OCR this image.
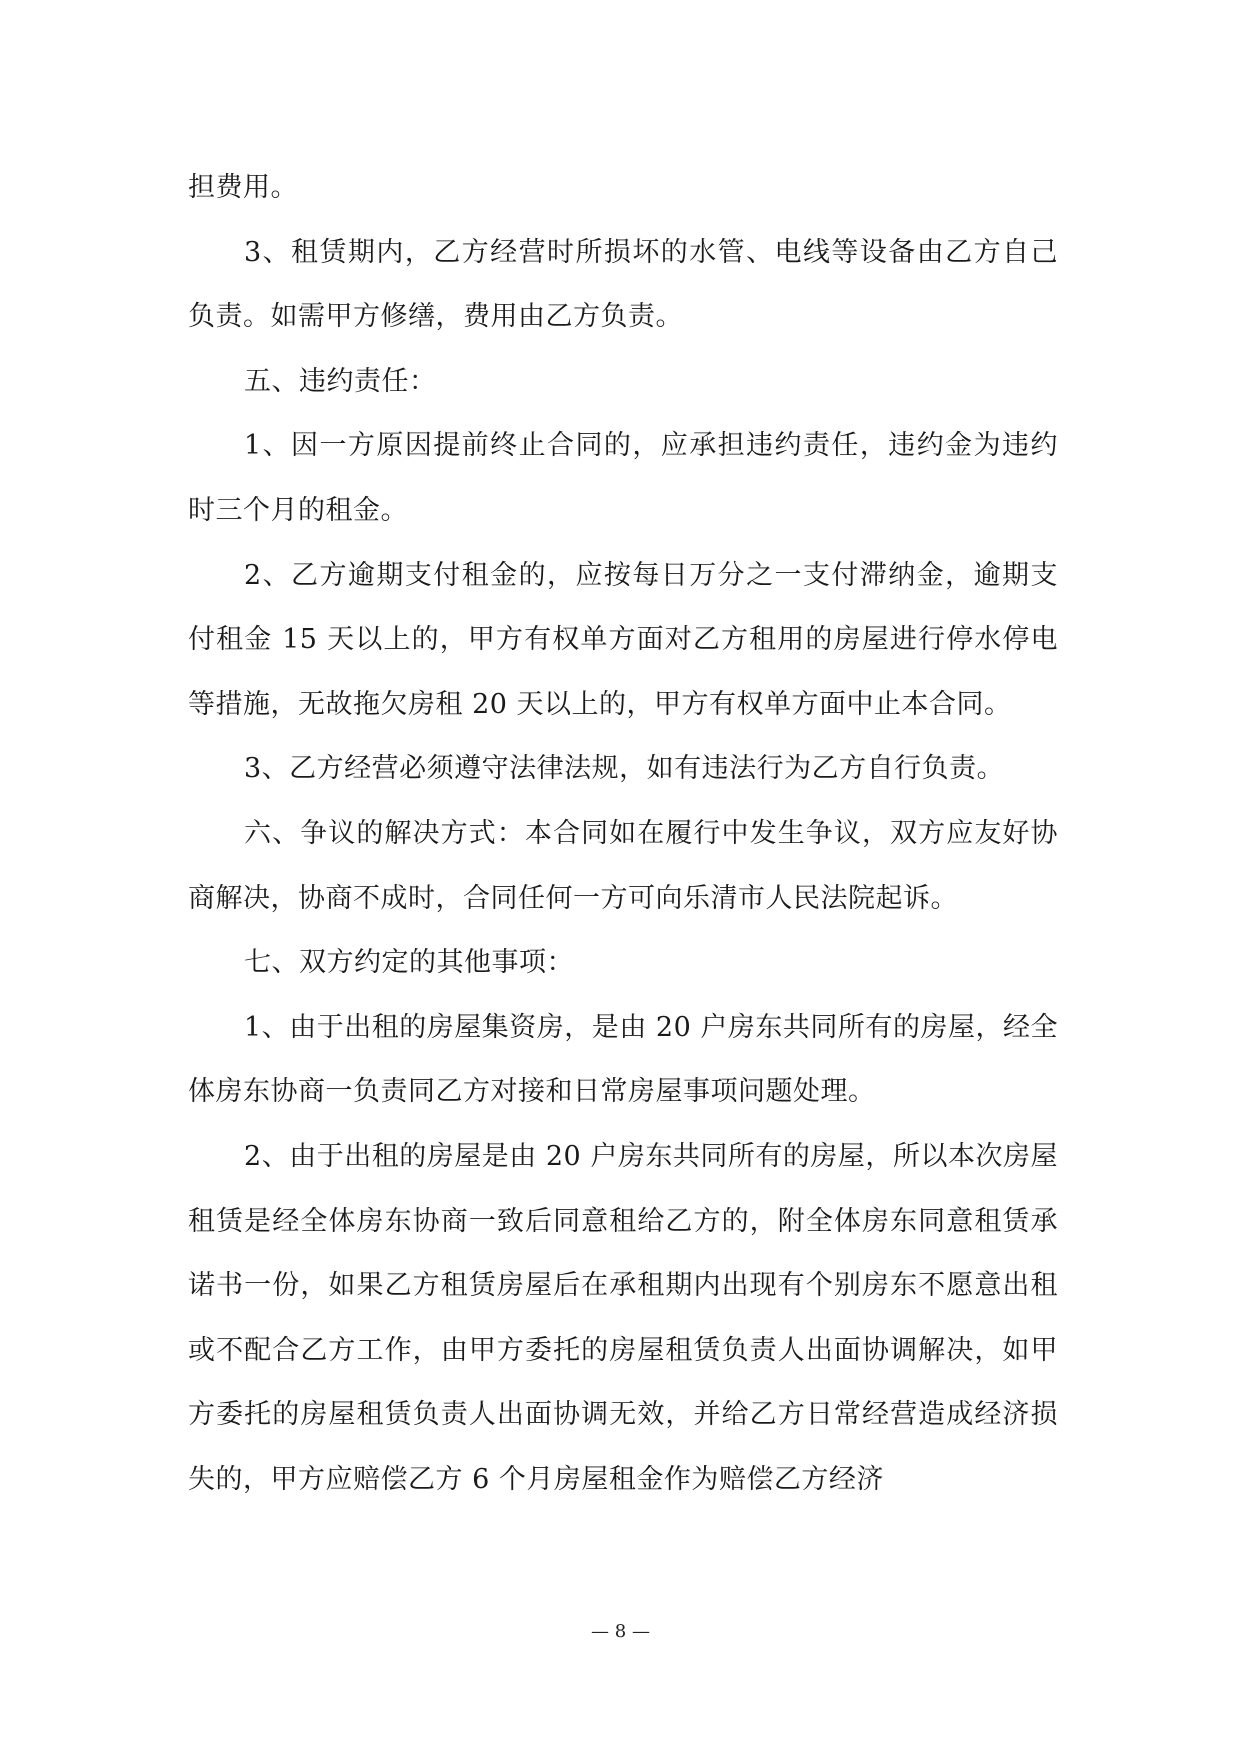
担费用。

3、租赁期内，乙方经营时所损坏的水管、电线等设备由乙方自己负责。如需甲方修缮，费用由乙方负责。

五、违约责任：

1、因一方原因提前终止合同的，应承担违约责任，违约金为违约时三个月的租金。

2、乙方逾期支付租金的，应按每日万分之一支付滞纳金，逾期支付租金 15 天以上的，甲方有权单方面对乙方租用的房屋进行停水停电等措施，无故拖欠房租 20 天以上的，甲方有权单方面中止本合同。

3、乙方经营必须遵守法律法规，如有违法行为乙方自行负责。

六、争议的解决方式：本合同如在履行中发生争议，双方应友好协商解决，协商不成时，合同任何一方可向乐清市人民法院起诉。

七、双方约定的其他事项：

1、由于出租的房屋集资房，是由 20 户房东共同所有的房屋，经全体房东协商一负责同乙方对接和日常房屋事项问题处理。

2、由于出租的房屋是由 20 户房东共同所有的房屋，所以本次房屋租赁是经全体房东协商一致后同意租给乙方的，附全体房东同意租赁承诺书一份，如果乙方租赁房屋后在承租期内出现有个别房东不愿意出租或不配合乙方工作，由甲方委托的房屋租赁负责人出面协调解决，如甲方委托的房屋租赁负责人出面协调无效，并给乙方日常经营造成经济损失的，甲方应赔偿乙方 6 个月房屋租金作为赔偿乙方经济

— 8 —
